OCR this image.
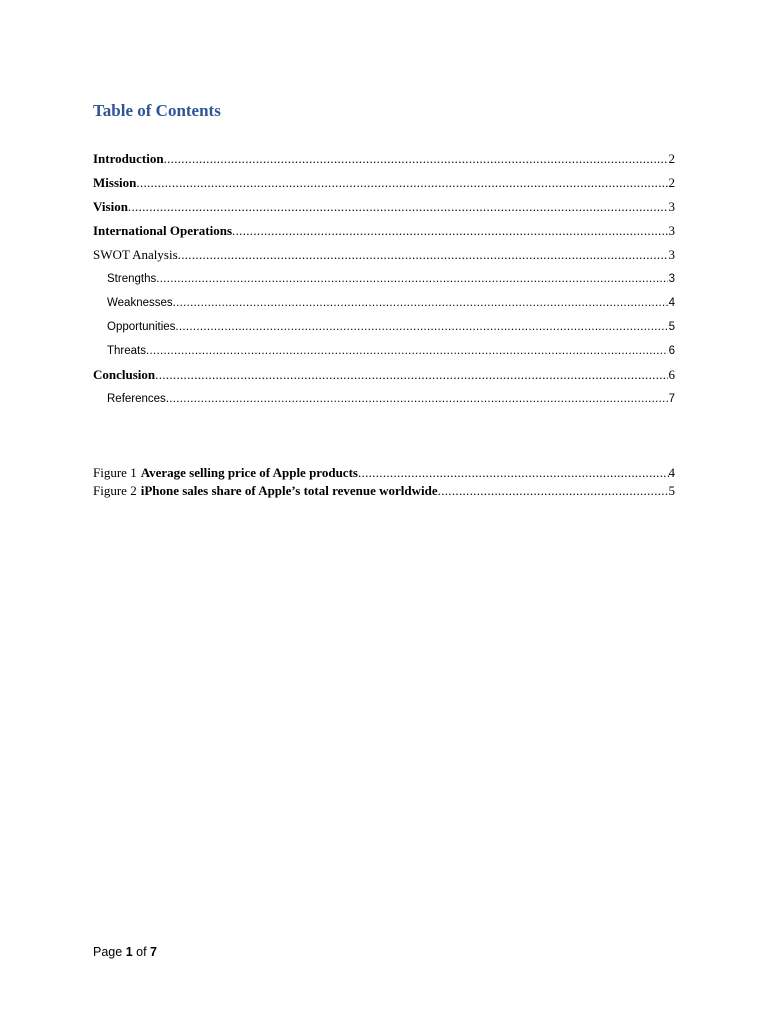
Table of Contents
Introduction .....	2
Mission .....	2
Vision .....	3
International Operations .....	3
SWOT Analysis .....	3
Strengths .....	3
Weaknesses .....	4
Opportunities .....	5
Threats .....	6
Conclusion .....	6
References .....	7
Figure 1 Average selling price of Apple products .....	4
Figure 2 iPhone sales share of Apple’s total revenue worldwide .....	5
Page 1 of 7
